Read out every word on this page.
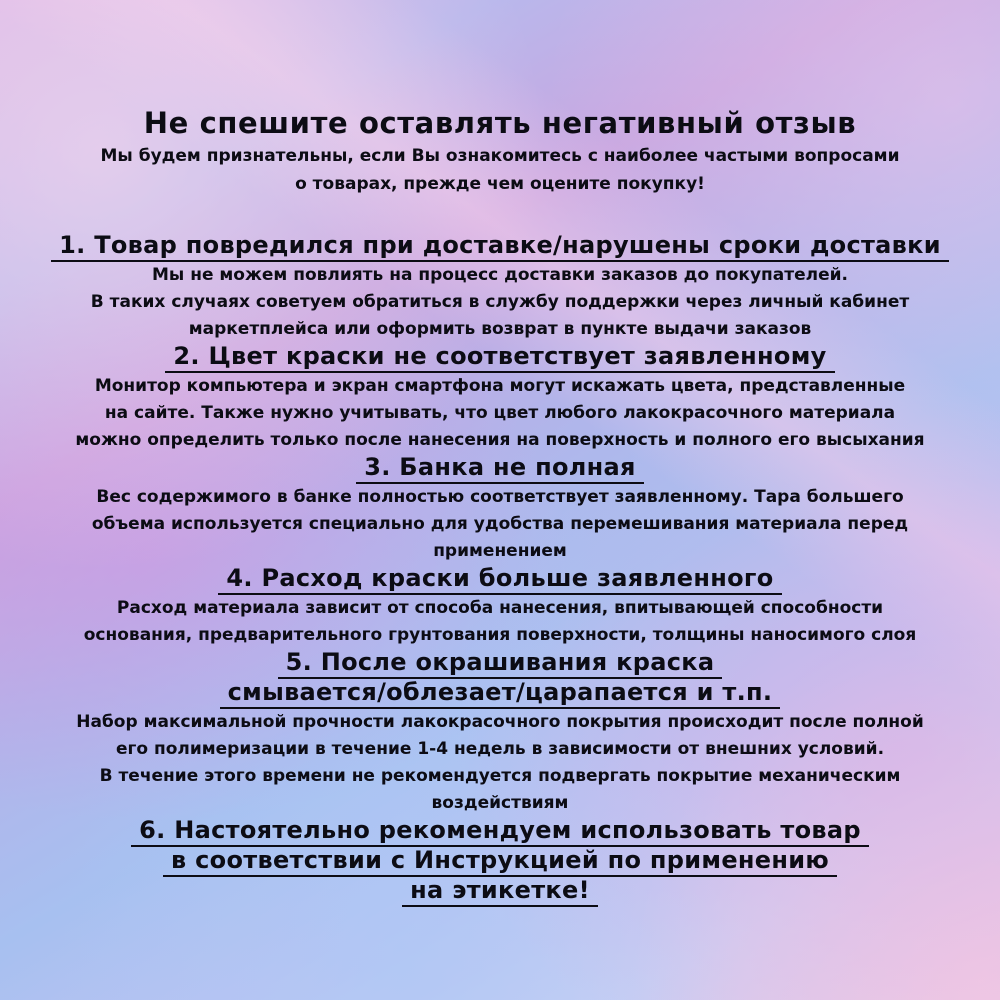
Не спешите оставлять негативный отзыв

Мы будем признательны, если Вы ознакомитесь с наиболее частыми вопросами
о товарах, прежде чем оцените покупку!

1. Товар повредился при доставке/нарушены сроки доставки

Мы не можем повлиять на процесс доставки заказов до покупателей.
В таких случаях советуем обратиться в службу поддержки через личный кабинет
маркетплейса или оформить возврат в пункте выдачи заказов

2. Цвет краски не соответствует заявленному

Монитор компьютера и экран смартфона могут искажать цвета, представленные
на сайте. Также нужно учитывать, что цвет любого лакокрасочного материала
можно определить только после нанесения на поверхность и полного его высыхания

3. Банка не полная

Вес содержимого в банке полностью соответствует заявленному. Тара большего
объема используется специально для удобства перемешивания материала перед
применением

4. Расход краски больше заявленного

Расход материала зависит от способа нанесения, впитывающей способности
основания, предварительного грунтования поверхности, толщины наносимого слоя

5. После окрашивания краска
смывается/облезает/царапается и т.п.

Набор максимальной прочности лакокрасочного покрытия происходит после полной
его полимеризации в течение 1-4 недель в зависимости от внешних условий.
В течение этого времени не рекомендуется подвергать покрытие механическим
воздействиям

6. Настоятельно рекомендуем использовать товар
в соответствии с Инструкцией по применению
на этикетке!
